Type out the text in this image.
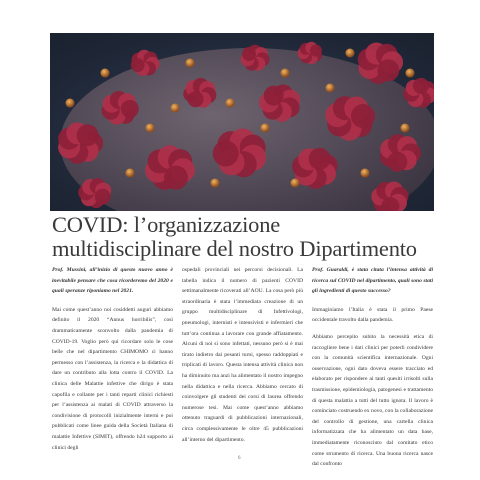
COVID: l’organizzazione
multidisciplinare del nostro Dipartimento

Prof. Mussini, all’inizio di questo nuovo anno è inevitabile pensare che cosa ricorderemo del 2020 e quali speranze riponiamo nel 2021.

Mai come quest’anno noi cosiddetti auguri abbiamo definito il 2020 “Annus horribilis”, così drammaticamente sconvolto dalla pandemia di COVID-19. Voglio però qui ricordare solo le cose belle che nel dipartimento CHIMOMO ci hanno permesso con l’assistenza, la ricerca e la didattica di dare un contributo alla lotta contro il COVID. La clinica delle Malattie infettive che dirigo è stata capofila e collante per i tanti reparti clinici richiesti per l’assistenza ai malati di COVID attraverso la condivisione di protocolli inizialmente interni e poi pubblicati come linee guida della Società Italiana di malattie Infettive (SIMIT), offrendo h24 supporto ai clinici degli

ospedali provinciali nei percorsi decisionali. La tabella indica il numero di pazienti COVID settimanalmente ricoverati all’AOU. La cosa però più straordinaria è stata l’immediata creazione di un gruppo multidisciplinare di Infettivologi, pneumologi, internisti e intensivisti e infermieri che tutt’ora continua a lavorare con grande affiatamento. Alcuni di noi si sono infettati, nessuno però si è mai tirato indietro dai pesanti turni, spesso raddoppiati e triplicati di lavoro. Questa intensa attività clinica non ha diminuito ma anzi ha alimentato il nostro impegno nella didattica e nella ricerca. Abbiamo cercato di coinvolgere gli studenti dei corsi di laurea offrendo numerose tesi. Mai come quest’anno abbiamo ottenuto traguardi di pubblicazioni internazionali, circa complessivamente le oltre 45 pubblicazioni all’interno del dipartimento.

Prof. Guaraldi, è stata citata l’intensa attività di ricerca sul COVID nel dipartimento, quali sono stati gli ingredienti di questo successo?

Immaginiamo l’Italia è stata il primo Paese occidentale travolto dalla pandemia.

Abbiamo percepito subito la necessità etica di raccogliere bene i dati clinici per poterli condividere con la comunità scientifica internazionale. Ogni osservazione, ogni dato doveva essere tracciato ed elaborato per rispondere ai tanti quesiti irrisolti sulla trasmissione, epidemiologia, patogenesi e trattamento di questa malattia a tutti del tutto ignota. Il lavoro è cominciato costruendo ex novo, con la collaborazione del controllo di gestione, una cartella clinica informatizzata che ha alimentato un data base, immediatamente riconosciuto dal comitato etico come strumento di ricerca. Una buona ricerca nasce dal confronto

6
